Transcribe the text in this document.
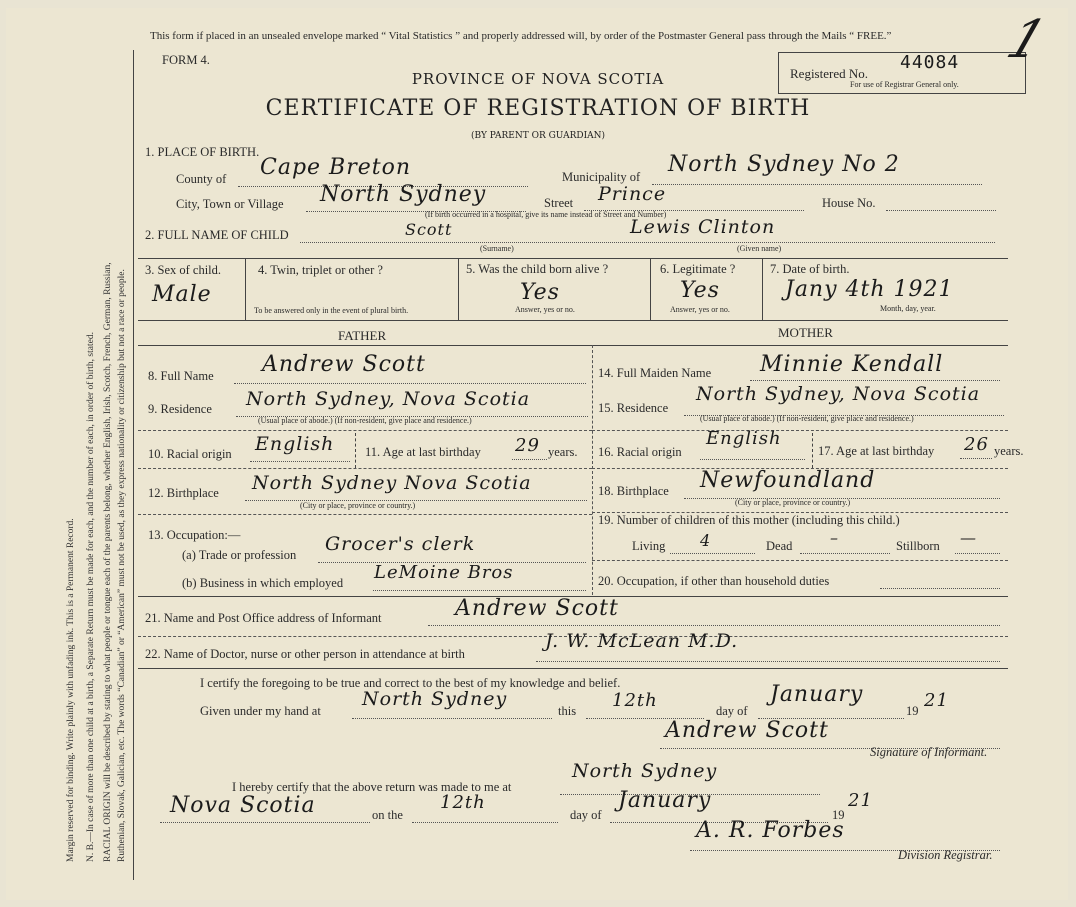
Margin reserved for binding. Write plainly with unfading ink. This is a Permanent Record. N. B.—In case of more than one child at a birth, a Separate Return must be made for each, and the number of each, in order of birth, stated. RACIAL ORIGIN will be described by stating to what people or tongue each of the parents belong, whether English, Irish, Scotch, French, German, Russian, Ruthenian, Slovak, Galician, etc. The words “Canadian” or “American” must not be used, as they express nationality or citizenship but not a race or people.
This form if placed in an unsealed envelope marked “ Vital Statistics ” and properly addressed will, by order of the Postmaster General pass through the Mails “ FREE.”
FORM 4.
Registered No.
44084
For use of Registrar General only.
1
PROVINCE OF NOVA SCOTIA
CERTIFICATE OF REGISTRATION OF BIRTH
(BY PARENT OR GUARDIAN)
1. PLACE OF BIRTH.
County of Cape Breton	Municipality of North Sydney No 2
City, Town or Village North Sydney	Street Prince	House No.
(If birth occurred in a hospital, give its name instead of Street and Number)
2. FULL NAME OF CHILD	Scott
(Surname)
Lewis Clinton
(Given name)
3. Sex of child.
Male
4. Twin, triplet or other ?
To be answered only in the event of plural birth.
5. Was the child born alive ?
Yes
Answer, yes or no.
6. Legitimate ?
Yes
Answer, yes or no.
7. Date of birth.
Jany 4th 1921
Month, day, year.
FATHER	MOTHER
8. Full Name Andrew Scott
9. Residence North Sydney, Nova Scotia
(Usual place of abode.) (If non-resident, give place and residence.)
10. Racial origin English 11. Age at last birthday 29 years.
12. Birthplace North Sydney Nova Scotia
(City or place, province or country.)
13. Occupation:—
(a) Trade or profession Grocer's clerk
(b) Business in which employed LeMoine Bros
14. Full Maiden Name Minnie Kendall
15. Residence
North Sydney, Nova Scotia
(Usual place of abode.) (If non-resident, give place and residence.)
16. Racial origin
English
17. Age at last birthday 26 years.
18. Birthplace Newfoundland
(City or place, province or country.)
19. Number of children of this mother (including this child.)
Living 4	Dead –	Stillborn —
20. Occupation, if other than household duties
21. Name and Post Office address of Informant	Andrew Scott
22. Name of Doctor, nurse or other person in attendance at birth
J. W. McLean M.D.
I certify the foregoing to be true and correct to the best of my knowledge and belief.
Given under my hand at
North Sydney
this 12th	day of
January
19 21
Andrew Scott
Signature of Informant.
I hereby certify that the above return was made to me at
North Sydney
Nova Scotia	on the
12th
day of
January
19
21
A. R. Forbes
Division Registrar.
